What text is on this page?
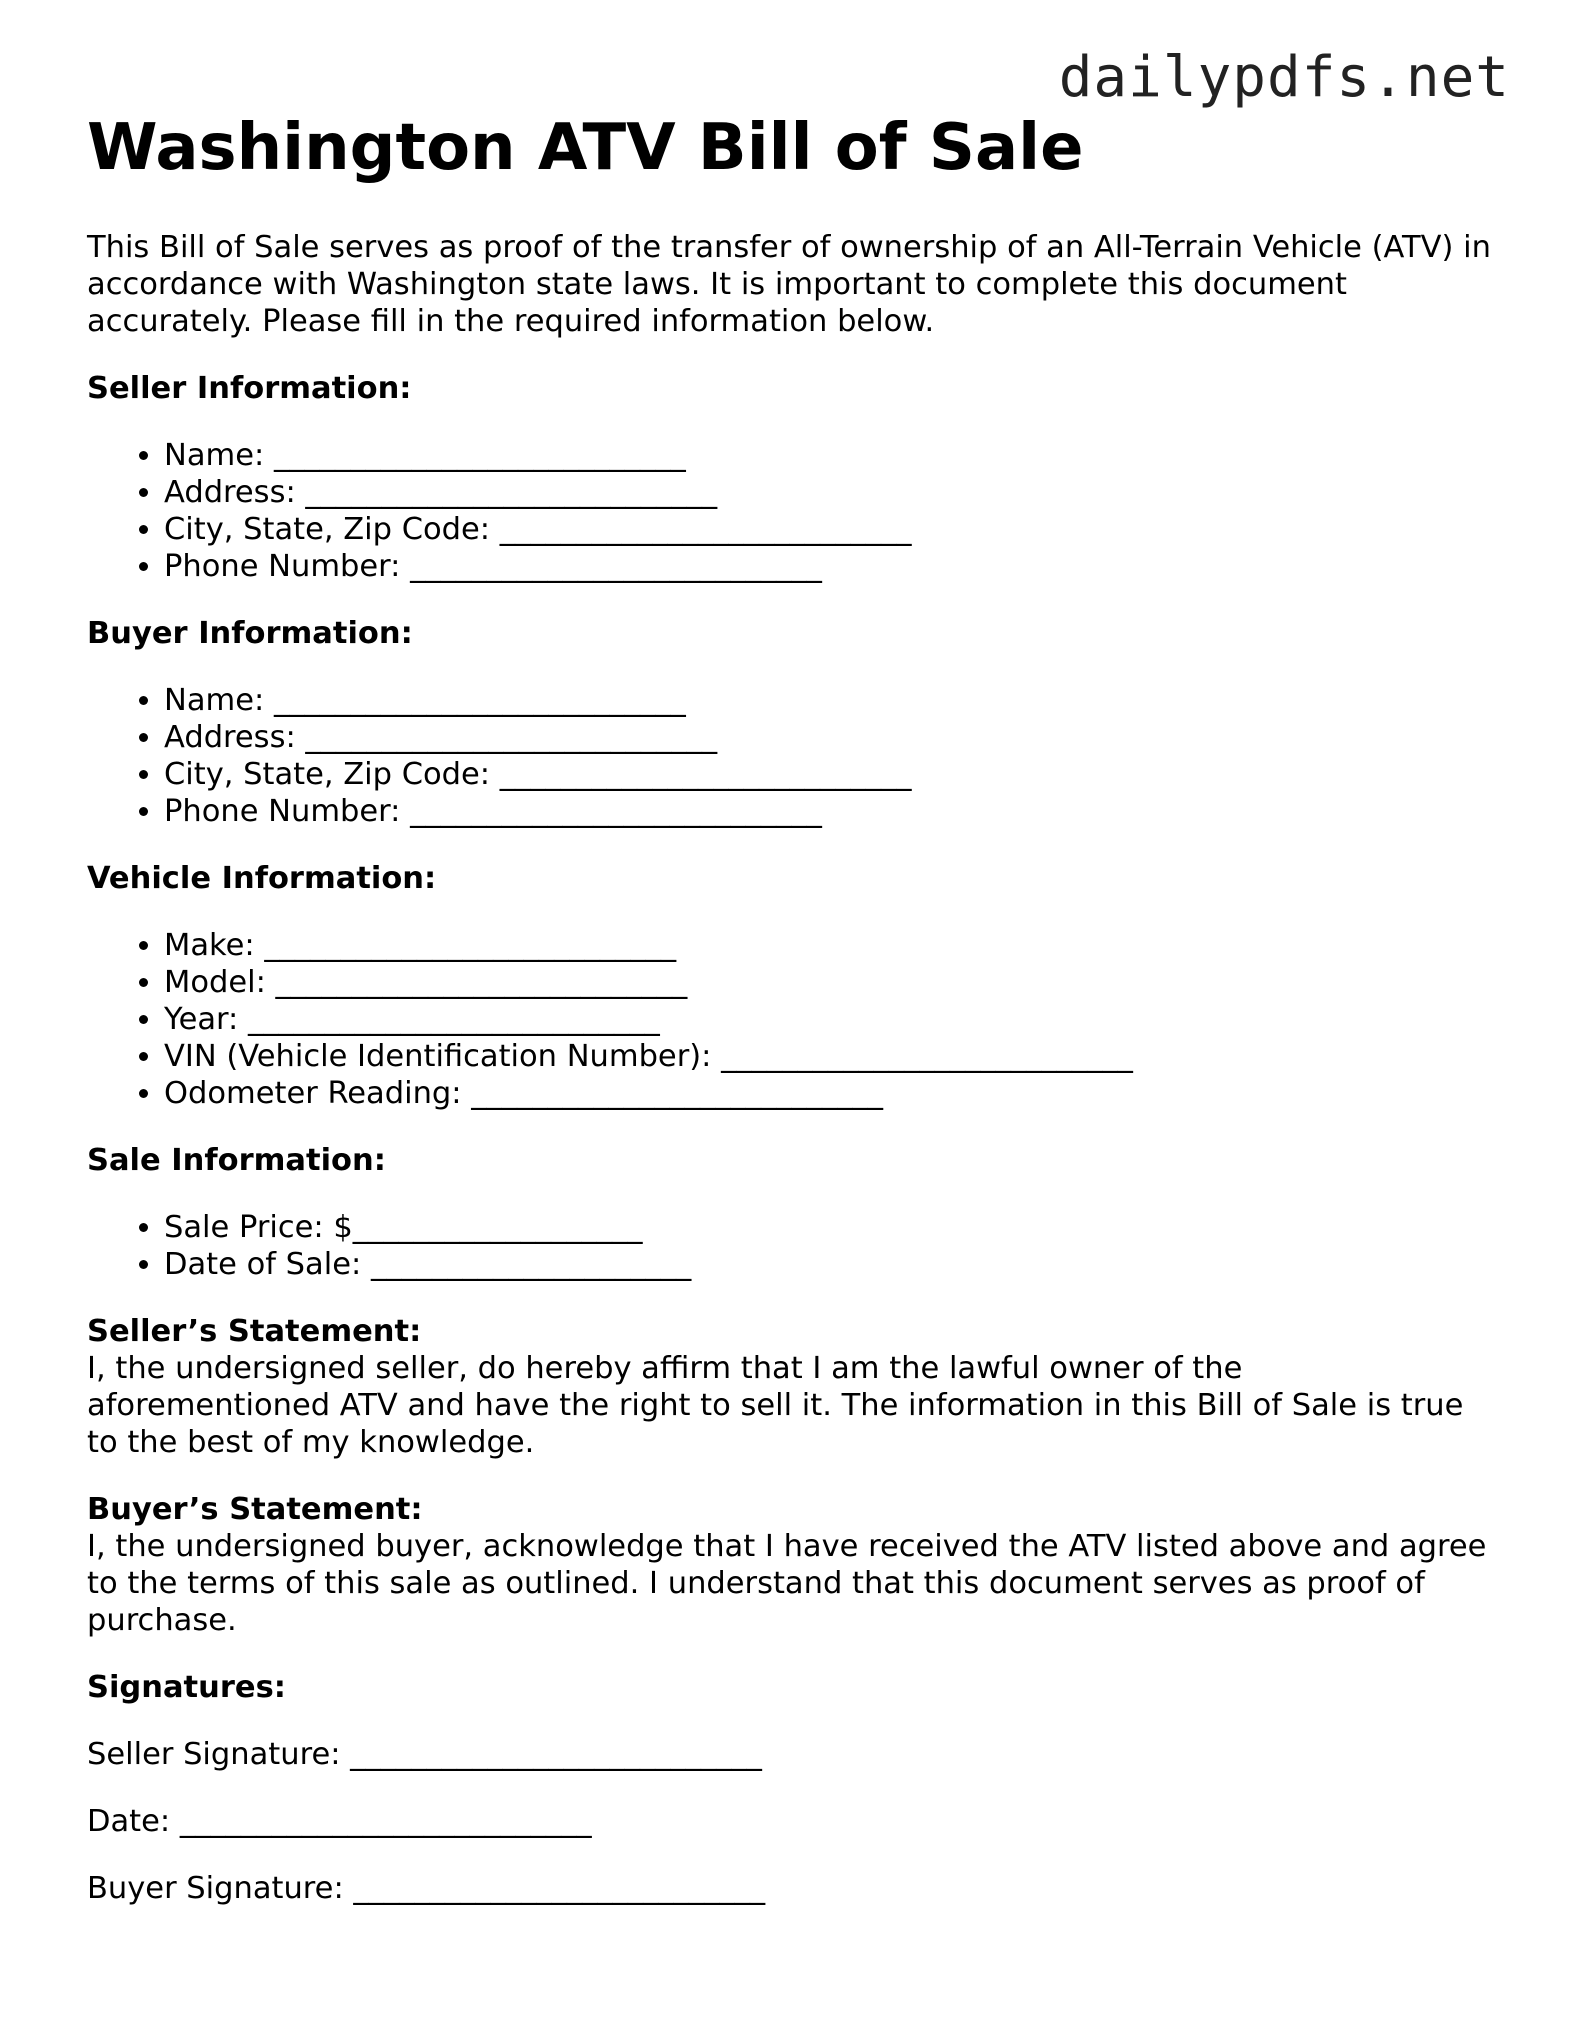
dailypdfs.net
Washington ATV Bill of Sale

This Bill of Sale serves as proof of the transfer of ownership of an All-Terrain Vehicle (ATV) in accordance with Washington state laws. It is important to complete this document accurately. Please fill in the required information below.

Seller Information:
• Name: ___________________________
• Address: ___________________________
• City, State, Zip Code: ___________________________
• Phone Number: ___________________________
Buyer Information:
• Name: ___________________________
• Address: ___________________________
• City, State, Zip Code: ___________________________
• Phone Number: ___________________________
Vehicle Information:
• Make: ___________________________
• Model: ___________________________
• Year: ___________________________
• VIN (Vehicle Identification Number): ___________________________
• Odometer Reading: ___________________________
Sale Information:
• Sale Price: $___________________
• Date of Sale: _____________________
Seller’s Statement:

I, the undersigned seller, do hereby affirm that I am the lawful owner of the aforementioned ATV and have the right to sell it. The information in this Bill of Sale is true to the best of my knowledge.

Buyer’s Statement:

I, the undersigned buyer, acknowledge that I have received the ATV listed above and agree to the terms of this sale as outlined. I understand that this document serves as proof of purchase.

Signatures:

Seller Signature: ___________________________

Date: ___________________________

Buyer Signature: ___________________________
